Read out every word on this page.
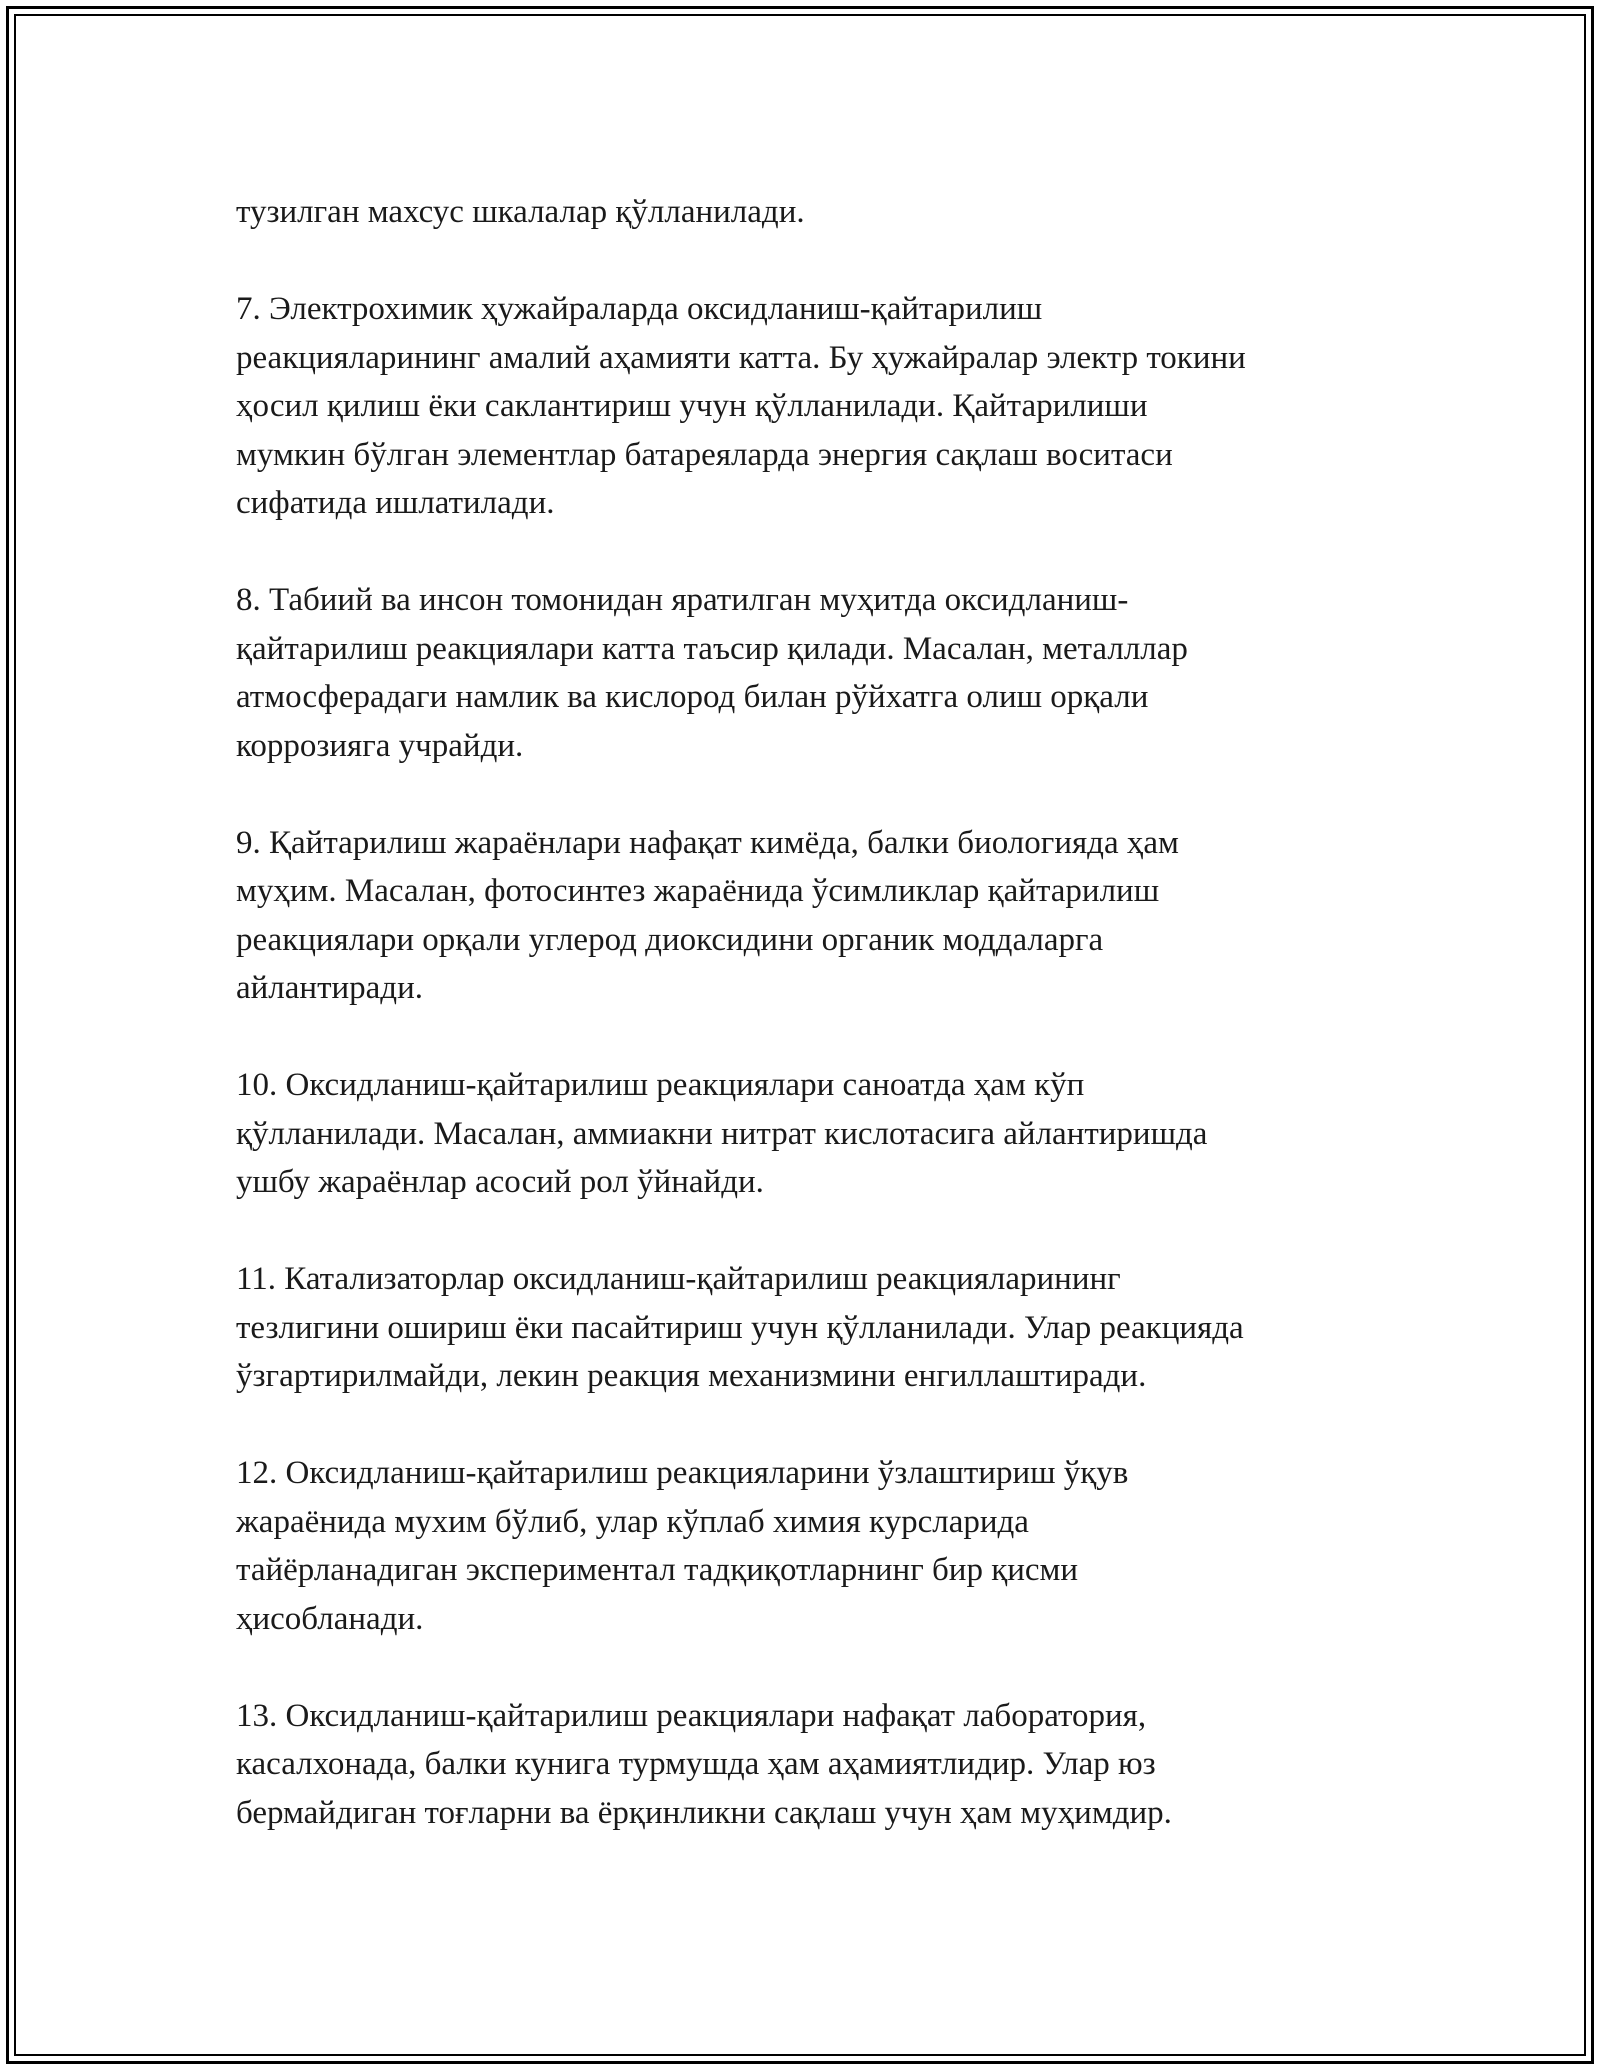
тузилган махсус шкалалар қўлланилади.

7. Электрохимик ҳужайраларда оксидланиш-қайтарилиш
реакцияларининг амалий аҳамияти катта. Бу ҳужайралар электр токини
ҳосил қилиш ёки саклантириш учун қўлланилади. Қайтарилиши
мумкин бўлган элементлар батареяларда энергия сақлаш воситаси
сифатида ишлатилади.

8. Табиий ва инсон томонидан яратилган муҳитда оксидланиш-
қайтарилиш реакциялари катта таъсир қилади. Масалан, металллар
атмосферадаги намлик ва кислород билан рўйхатга олиш орқали
коррозияга учрайди.

9. Қайтарилиш жараёнлари нафақат кимёда, балки биологияда ҳам
муҳим. Масалан, фотосинтез жараёнида ўсимликлар қайтарилиш
реакциялари орқали углерод диоксидини органик моддаларга
айлантиради.

10. Оксидланиш-қайтарилиш реакциялари саноатда ҳам кўп
қўлланилади. Масалан, аммиакни нитрат кислотасига айлантиришда
ушбу жараёнлар асосий рол ўйнайди.

11. Катализаторлар оксидланиш-қайтарилиш реакцияларининг
тезлигини ошириш ёки пасайтириш учун қўлланилади. Улар реакцияда
ўзгартирилмайди, лекин реакция механизмини енгиллаштиради.

12. Оксидланиш-қайтарилиш реакцияларини ўзлаштириш ўқув
жараёнида мухим бўлиб, улар кўплаб химия курсларида
тайёрланадиган экспериментал тадқиқотларнинг бир қисми
ҳисобланади.

13. Оксидланиш-қайтарилиш реакциялари нафақат лаборатория,
касалхонада, балки кунига турмушда ҳам аҳамиятлидир. Улар юз
бермайдиган тоғларни ва ёрқинликни сақлаш учун ҳам муҳимдир.
